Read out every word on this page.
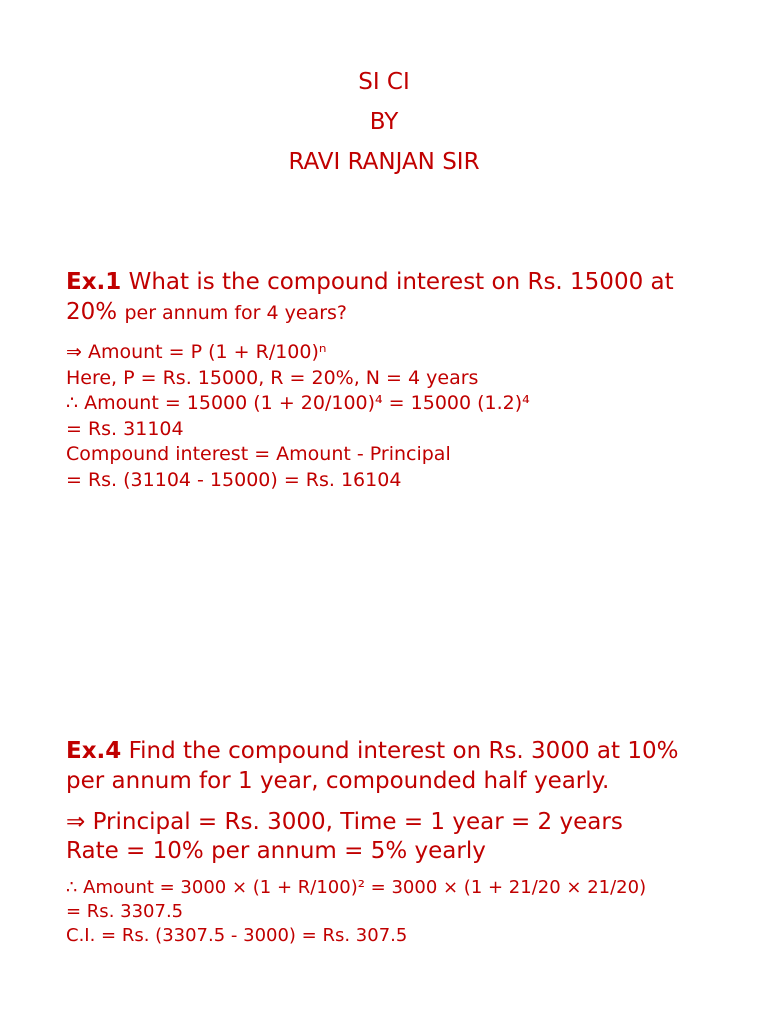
SI CI
BY
RAVI RANJAN SIR
Ex.1 What is the compound interest on Rs. 15000 at 20% per annum for 4 years?
⇒ Amount = P (1 + R/100)ⁿ
Here, P = Rs. 15000, R = 20%, N = 4 years
∴ Amount = 15000 (1 + 20/100)⁴ = 15000 (1.2)⁴
= Rs. 31104
Compound interest = Amount - Principal
= Rs. (31104 - 15000) = Rs. 16104
Ex.4 Find the compound interest on Rs. 3000 at 10% per annum for 1 year, compounded half yearly.
⇒ Principal = Rs. 3000, Time = 1 year = 2 years
Rate = 10% per annum = 5% yearly
∴ Amount = 3000 × (1 + R/100)² = 3000 × (1 + 21/20 × 21/20)
= Rs. 3307.5
C.I. = Rs. (3307.5 - 3000) = Rs. 307.5
